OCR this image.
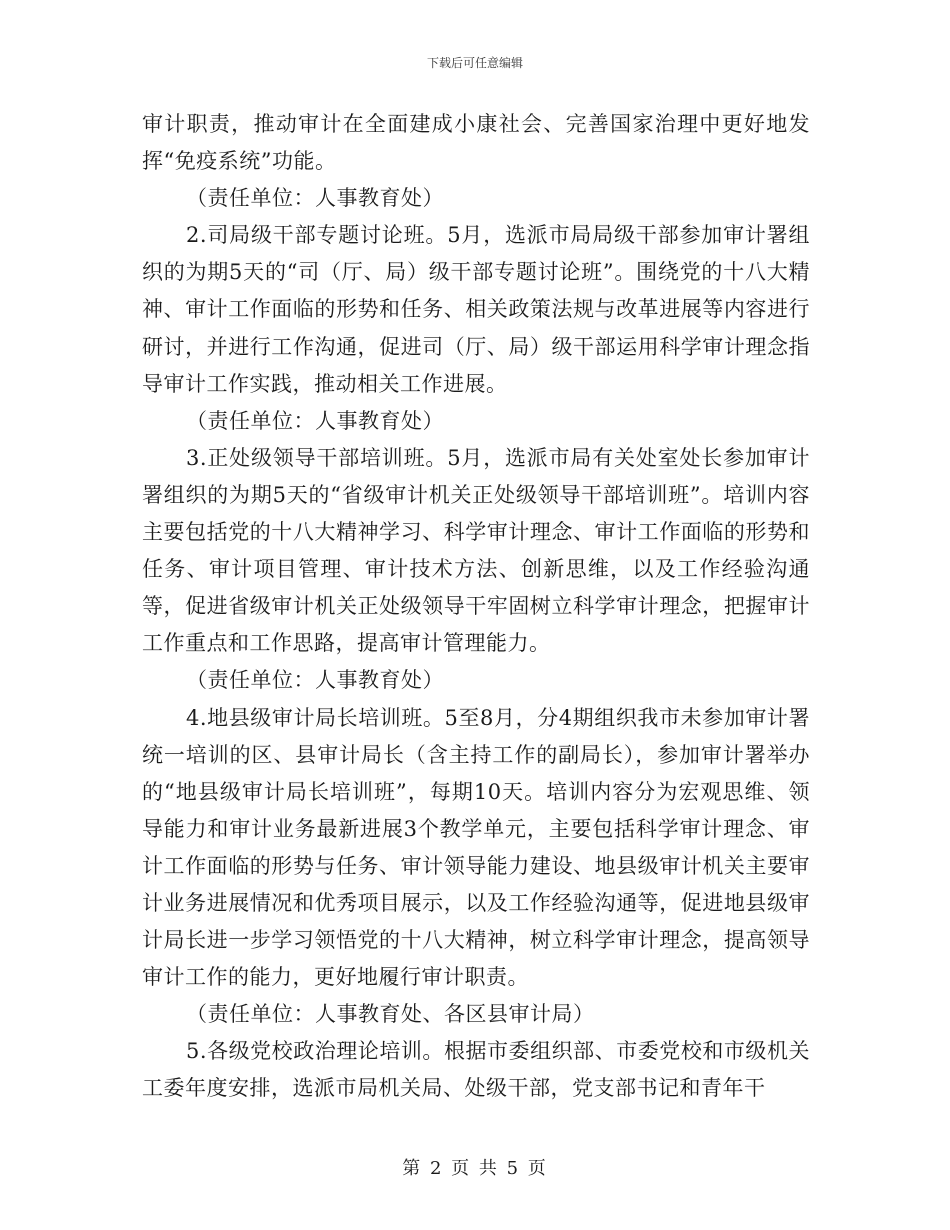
下载后可任意编辑

审计职责，推动审计在全面建成小康社会、完善国家治理中更好地发挥“免疫系统”功能。

（责任单位：人事教育处）

2.司局级干部专题讨论班。5月，选派市局局级干部参加审计署组织的为期5天的“司（厅、局）级干部专题讨论班”。围绕党的十八大精神、审计工作面临的形势和任务、相关政策法规与改革进展等内容进行研讨，并进行工作沟通，促进司（厅、局）级干部运用科学审计理念指导审计工作实践，推动相关工作进展。

（责任单位：人事教育处）

3.正处级领导干部培训班。5月，选派市局有关处室处长参加审计署组织的为期5天的“省级审计机关正处级领导干部培训班”。培训内容主要包括党的十八大精神学习、科学审计理念、审计工作面临的形势和任务、审计项目管理、审计技术方法、创新思维，以及工作经验沟通等，促进省级审计机关正处级领导干牢固树立科学审计理念，把握审计工作重点和工作思路，提高审计管理能力。

（责任单位：人事教育处）

4.地县级审计局长培训班。5至8月，分4期组织我市未参加审计署统一培训的区、县审计局长（含主持工作的副局长），参加审计署举办的“地县级审计局长培训班”，每期10天。培训内容分为宏观思维、领导能力和审计业务最新进展3个教学单元，主要包括科学审计理念、审计工作面临的形势与任务、审计领导能力建设、地县级审计机关主要审计业务进展情况和优秀项目展示，以及工作经验沟通等，促进地县级审计局长进一步学习领悟党的十八大精神，树立科学审计理念，提高领导审计工作的能力，更好地履行审计职责。

（责任单位：人事教育处、各区县审计局）

5.各级党校政治理论培训。根据市委组织部、市委党校和市级机关工委年度安排，选派市局机关局、处级干部，党支部书记和青年干

第 2 页 共 5 页
